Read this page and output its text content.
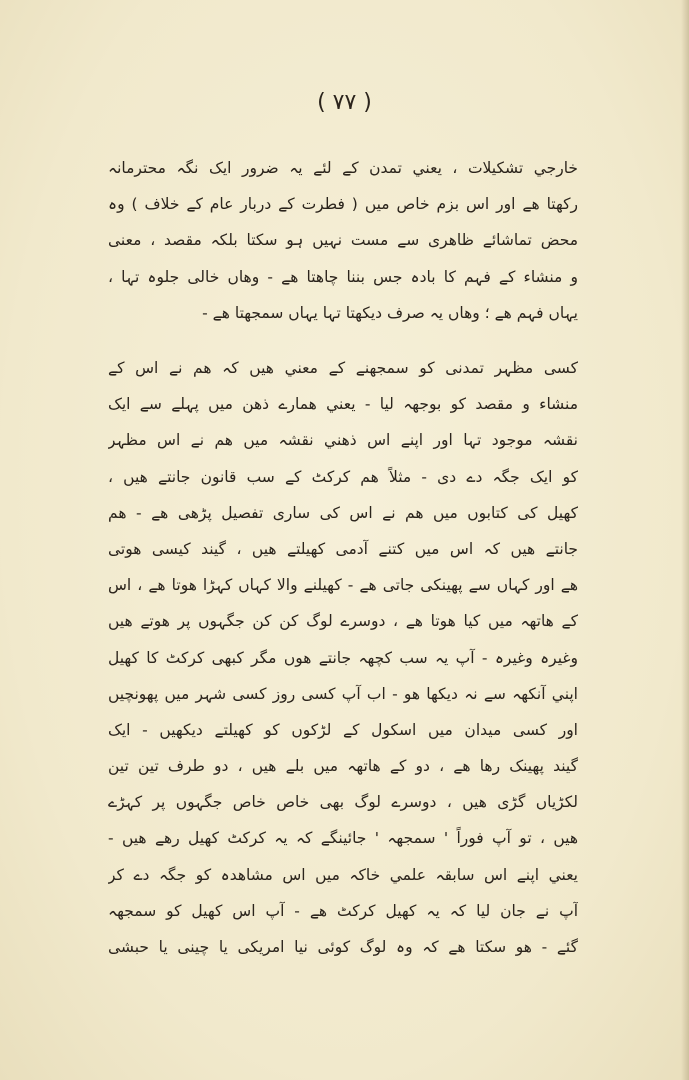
( ۷۷ )
خارجي تشکيلات ، يعني تمدن کے لئے يہ ضرور ايک نگہ محترمانہ
رکھتا ھے اور اس بزم خاص ميں ( فطرت کے دربار عام کے خلاف ) وہ
محض تماشائے ظاهری سے مست نہيں ہو سکتا بلکہ مقصد ، معنی
و منشاء کے فہم کا بادہ جس بننا چاهتا ھے - وهاں خالی جلوہ تہا ،
يہاں فہم ھے ؛ وهاں يہ صرف ديکھتا تہا يہاں سمجھتا ھے -
کسی مظہر تمدنی کو سمجھنے کے معني هيں کہ هم نے اس کے
منشاء و مقصد کو بوجھہ ليا - يعني همارے ذهن ميں پہلے سے ايک
نقشہ موجود تہا اور اپنے اس ذهني نقشہ ميں هم نے اس مظہر
کو ايک جگہ دے دی - مثلاً هم کرکٹ کے سب قانون جانتے هيں ،
کهيل کی کتابوں ميں هم نے اس کی ساری تفصيل پڑهی ھے - هم
جانتے هيں کہ اس ميں کتنے آدمی کهيلتے هيں ، گيند کيسی هوتی
ھے اور کہاں سے پهينکی جاتی ھے - کهيلنے والا کہاں کہڑا هوتا ھے ، اس
کے هاتهہ ميں کيا هوتا ھے ، دوسرے لوگ کن کن جگہوں پر هوتے هيں
وغيرہ وغيرہ - آپ يہ سب کچهہ جانتے هوں مگر کبهی کرکٹ کا کهيل
اپني آنکهہ سے نہ ديکها هو - اب آپ کسی روز کسی شہر ميں پهونچيں
اور کسی ميدان ميں اسکول کے لڑکوں کو کهيلتے ديکهيں - ايک
گيند پهينک رها ھے ، دو کے هاتهہ ميں بلے هيں ، دو طرف تين تين
لکڑياں گڑی هيں ، دوسرے لوگ بهی خاص خاص جگہوں پر کہڑے
هيں ، تو آپ فوراً ' سمجهہ ' جائينگے کہ يہ کرکٹ کهيل رهے هيں -
يعني اپنے اس سابقہ علمي خاکہ ميں اس مشاهدہ کو جگہ دے کر
آپ نے جان ليا کہ يہ کهيل کرکٹ ھے - آپ اس کهيل کو سمجهہ
گئے - هو سکتا ھے کہ وہ لوگ کوئی نيا امريکی يا چينی يا حبشی
